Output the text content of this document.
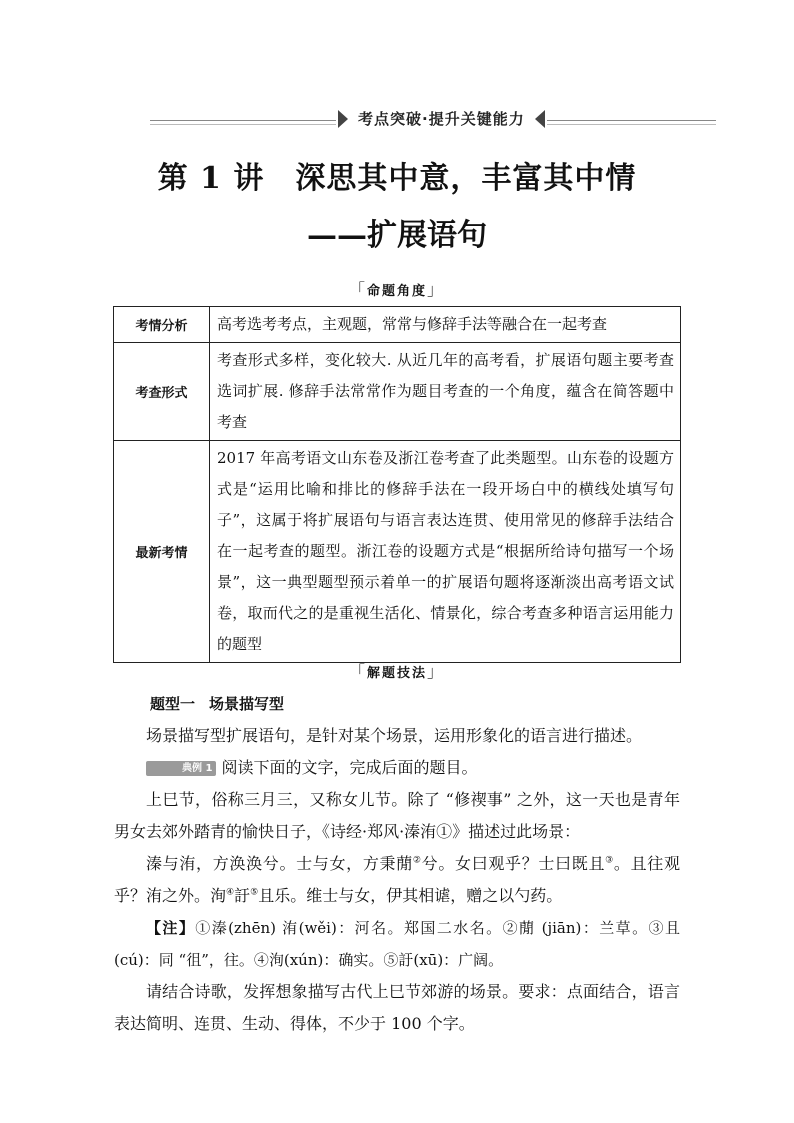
考点突破·提升关键能力
第 1 讲　深思其中意，丰富其中情
——扩展语句
「命题角度」
考情分析	高考选考考点，主观题，常常与修辞手法等融合在一起考查
考查形式	考查形式多样，变化较大. 从近几年的高考看，扩展语句题主要考查选词扩展. 修辞手法常常作为题目考查的一个角度，蕴含在简答题中考查
最新考情	2017 年高考语文山东卷及浙江卷考查了此类题型。山东卷的设题方式是“运用比喻和排比的修辞手法在一段开场白中的横线处填写句子”，这属于将扩展语句与语言表达连贯、使用常见的修辞手法结合在一起考查的题型。浙江卷的设题方式是“根据所给诗句描写一个场景”，这一典型题型预示着单一的扩展语句题将逐渐淡出高考语文试卷，取而代之的是重视生活化、情景化，综合考查多种语言运用能力的题型
「解题技法」

题型一 场景描写型

场景描写型扩展语句，是针对某个场景，运用形象化的语言进行描述。

典例 1 阅读下面的文字，完成后面的题目。

上巳节，俗称三月三，又称女儿节。除了 “修禊事” 之外，这一天也是青年男女去郊外踏青的愉快日子，《诗经·郑风·溱洧①》描述过此场景：

溱与洧，方涣涣兮。士与女，方秉蕑②兮。女曰观乎？士曰既且③。且往观乎？洧之外。洵④訏⑤且乐。维士与女，伊其相谑，赠之以勺药。

【注】①溱(zhēn) 洧(wěi)：河名。郑国二水名。②蕑 (jiān)：兰草。③且 (cú)：同 “徂”，往。④洵(xún)：确实。⑤訏(xū)：广阔。

请结合诗歌，发挥想象描写古代上巳节郊游的场景。要求：点面结合，语言表达简明、连贯、生动、得体，不少于 100 个字。
